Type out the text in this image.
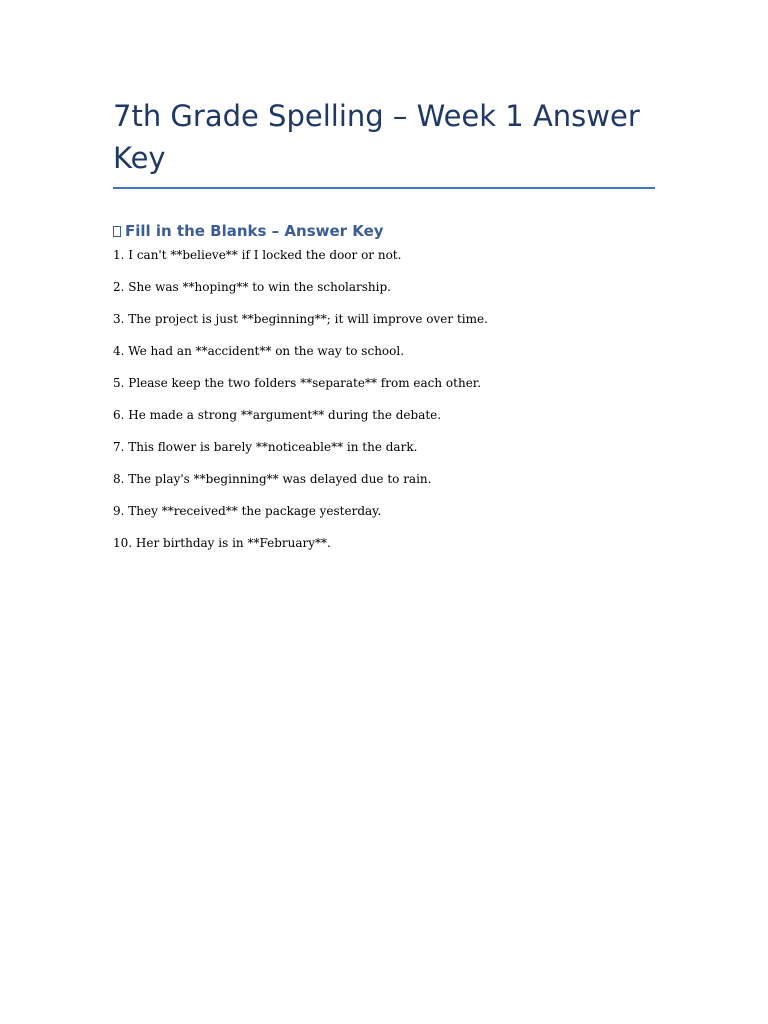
7th Grade Spelling – Week 1 Answer Key
Fill in the Blanks – Answer Key
1. I can't **believe** if I locked the door or not.
2. She was **hoping** to win the scholarship.
3. The project is just **beginning**; it will improve over time.
4. We had an **accident** on the way to school.
5. Please keep the two folders **separate** from each other.
6. He made a strong **argument** during the debate.
7. This flower is barely **noticeable** in the dark.
8. The play's **beginning** was delayed due to rain.
9. They **received** the package yesterday.
10. Her birthday is in **February**.
